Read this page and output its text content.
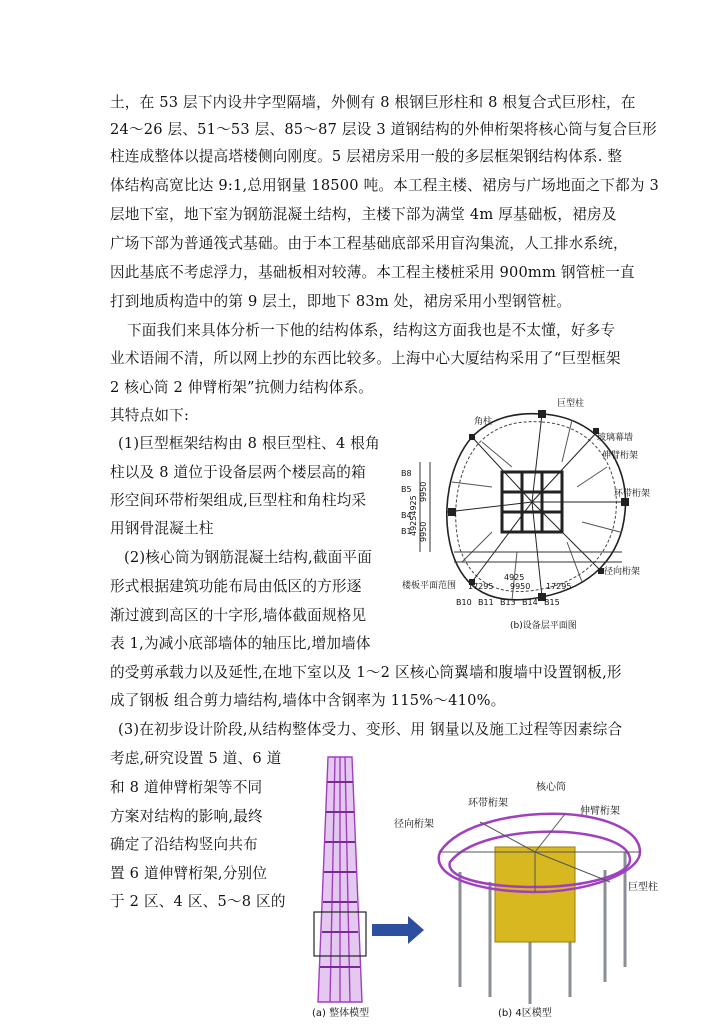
土，在 53 层下内设井字型隔墙，外侧有 8 根钢巨形柱和 8 根复合式巨形柱，在
24～26 层、51～53 层、85～87 层设 3 道钢结构的外伸桁架将核心筒与复合巨形
柱连成整体以提高塔楼侧向刚度。5 层裙房采用一般的多层框架钢结构体系. 整
体结构高宽比达 9:1,总用钢量 18500 吨。本工程主楼、裙房与广场地面之下都为 3
层地下室，地下室为钢筋混凝土结构，主楼下部为满堂 4m 厚基础板，裙房及
广场下部为普通筏式基础。由于本工程基础底部采用盲沟集流，人工排水系统，
因此基底不考虑浮力，基础板相对较薄。本工程主楼桩采用 900mm 钢管桩一直
打到地质构造中的第 9 层土，即地下 83m 处，裙房采用小型钢管桩。
下面我们来具体分析一下他的结构体系，结构这方面我也是不太懂，好多专
业术语闹不清，所以网上抄的东西比较多。上海中心大厦结构采用了“巨型框架
2 核心筒 2 伸臂桁架”抗侧力结构体系。
其特点如下:
(1)巨型框架结构由 8 根巨型柱、4 根角
柱以及 8 道位于设备层两个楼层高的箱
形空间环带桁架组成,巨型柱和角柱均采
用钢骨混凝土柱
(2)核心筒为钢筋混凝土结构,截面平面
形式根据建筑功能布局由低区的方形逐
渐过渡到高区的十字形,墙体截面规格见
表 1,为减小底部墙体的轴压比,增加墙体
的受剪承载力以及延性,在地下室以及 1～2 区核心筒翼墙和腹墙中设置钢板,形
成了钢板 组合剪力墙结构,墙体中含钢率为 115%～410%。
(3)在初步设计阶段,从结构整体受力、变形、用 钢量以及施工过程等因素综合
考虑,研究设置 5 道、6 道
和 8 道伸臂桁架等不同
方案对结构的影响,最终
确定了沿结构竖向共布
置 6 道伸臂桁架,分别位
于 2 区、4 区、5～8 区的
角柱
巨型柱
玻璃幕墙
伸臂桁架
环带桁架
径向桁架
楼板平面范围 17295 9950 17295
4925
49254925
9950
9950
B8
B5
B4
B1
B10 B11 B13 B14 B15
(b)设备层平面图
径向桁架
环带桁架
核心筒
伸臂桁架
巨型柱
(a) 整体模型	(b) 4区模型
